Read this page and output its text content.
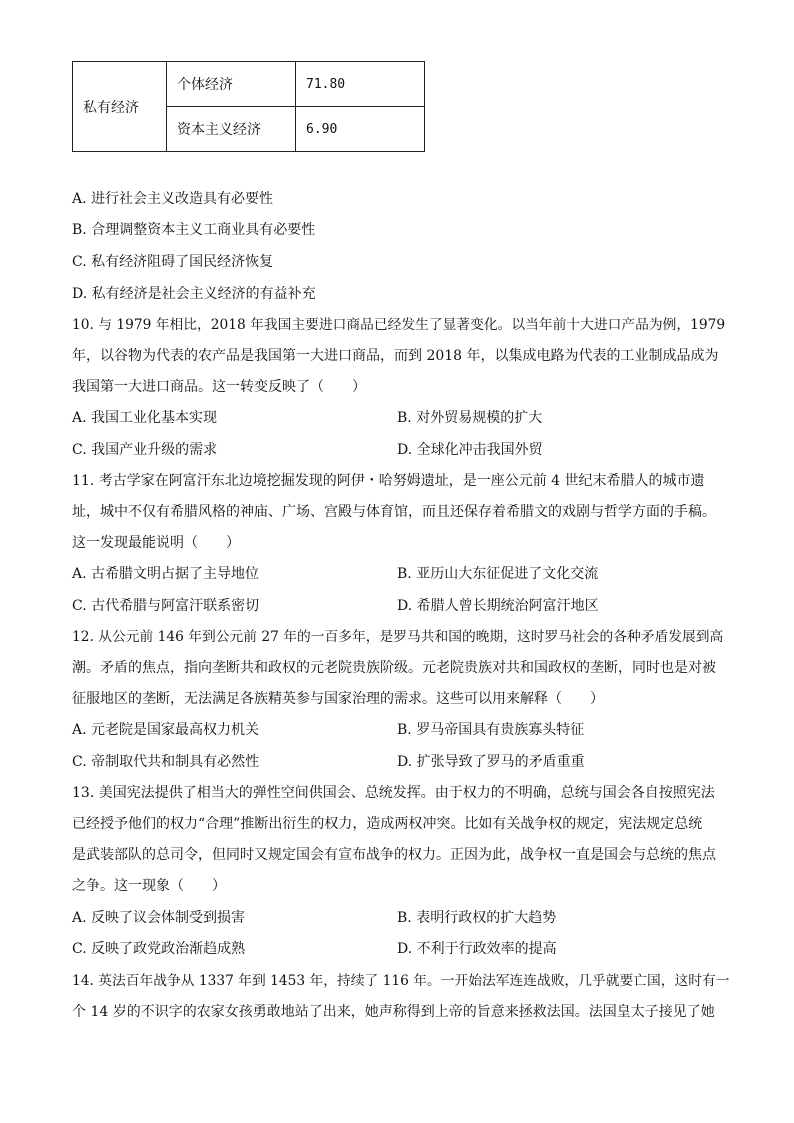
私有经济	个体经济	71.80
	资本主义经济	6.90
A. 进行社会主义改造具有必要性
B. 合理调整资本主义工商业具有必要性
C. 私有经济阻碍了国民经济恢复
D. 私有经济是社会主义经济的有益补充
10. 与 1979 年相比，2018 年我国主要进口商品已经发生了显著变化。以当年前十大进口产品为例，1979
年，以谷物为代表的农产品是我国第一大进口商品，而到 2018 年，以集成电路为代表的工业制成品成为
我国第一大进口商品。这一转变反映了（　　）
A. 我国工业化基本实现	B. 对外贸易规模的扩大
C. 我国产业升级的需求	D. 全球化冲击我国外贸
11. 考古学家在阿富汗东北边境挖掘发现的阿伊・哈努姆遗址，是一座公元前 4 世纪末希腊人的城市遗
址，城中不仅有希腊风格的神庙、广场、宫殿与体育馆，而且还保存着希腊文的戏剧与哲学方面的手稿。
这一发现最能说明（　　）
A. 古希腊文明占据了主导地位	B. 亚历山大东征促进了文化交流
C. 古代希腊与阿富汗联系密切	D. 希腊人曾长期统治阿富汗地区
12. 从公元前 146 年到公元前 27 年的一百多年，是罗马共和国的晚期，这时罗马社会的各种矛盾发展到高
潮。矛盾的焦点，指向垄断共和政权的元老院贵族阶级。元老院贵族对共和国政权的垄断，同时也是对被
征服地区的垄断，无法满足各族精英参与国家治理的需求。这些可以用来解释（　　）
A. 元老院是国家最高权力机关	B. 罗马帝国具有贵族寡头特征
C. 帝制取代共和制具有必然性	D. 扩张导致了罗马的矛盾重重
13. 美国宪法提供了相当大的弹性空间供国会、总统发挥。由于权力的不明确，总统与国会各自按照宪法
已经授予他们的权力“合理”推断出衍生的权力，造成两权冲突。比如有关战争权的规定，宪法规定总统
是武装部队的总司令，但同时又规定国会有宣布战争的权力。正因为此，战争权一直是国会与总统的焦点
之争。这一现象（　　）
A. 反映了议会体制受到损害	B. 表明行政权的扩大趋势
C. 反映了政党政治渐趋成熟	D. 不利于行政效率的提高
14. 英法百年战争从 1337 年到 1453 年，持续了 116 年。一开始法军连连战败，几乎就要亡国，这时有一
个 14 岁的不识字的农家女孩勇敢地站了出来，她声称得到上帝的旨意来拯救法国。法国皇太子接见了她
